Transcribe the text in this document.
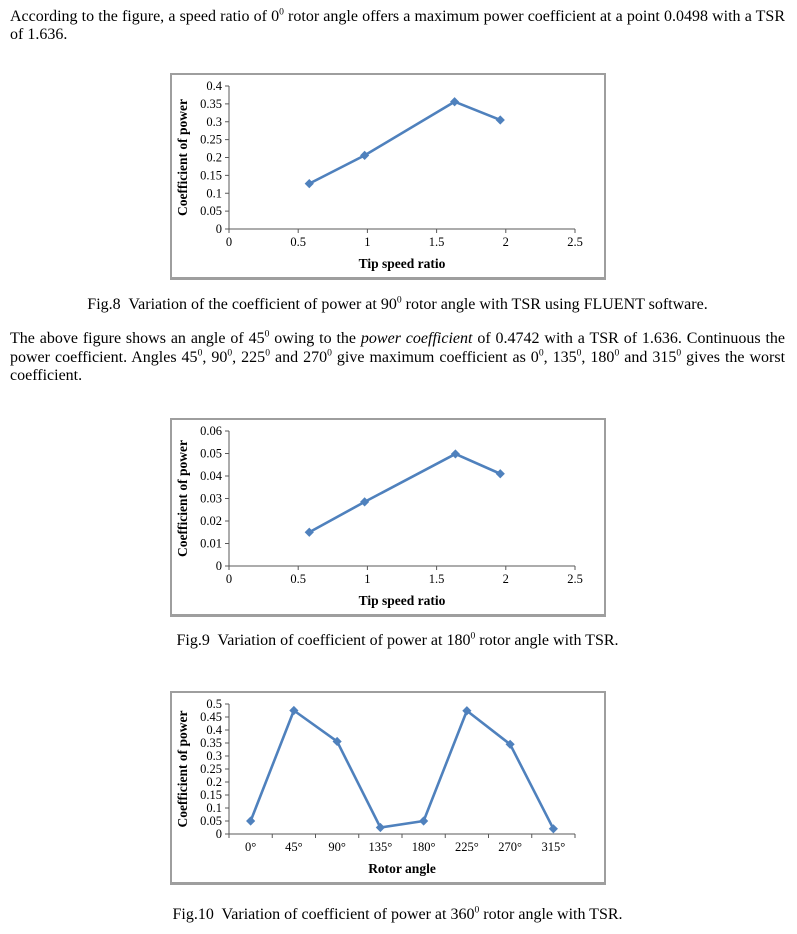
According to the figure, a speed ratio of $0^0$ rotor angle offers a maximum power coefficient at a point 0.0498 with a TSR of 1.636.

0
0.05
0.1
0.15
0.2
0.25
0.3
0.35
0.4
0	0.5	1	1.5	2	2.5
Tip speed ratio
Coefficient of power

Fig.8  Variation of the coefficient of power at $90^0$ rotor angle with TSR using FLUENT software.

The above figure shows an angle of $45^0$ owing to the power coefficient of 0.4742 with a TSR of 1.636. Continuous the power coefficient. Angles $45^0$, $90^0$, $225^0$ and $270^0$ give maximum coefficient as $0^0$, $135^0$, $180^0$ and $315^0$ gives the worst coefficient.

0
0.01
0.02
0.03
0.04
0.05
0.06
0	0.5	1	1.5	2	2.5
Tip speed ratio
Coefficient of power

Fig.9  Variation of coefficient of power at $180^0$ rotor angle with TSR.

0
0.05
0.1
0.15
0.2
0.25
0.3
0.35
0.4
0.45
0.5
0° 45° 90° 135° 180° 225° 270° 315°
Rotor angle
Coefficient of power

Fig.10  Variation of coefficient of power at $360^0$ rotor angle with TSR.
